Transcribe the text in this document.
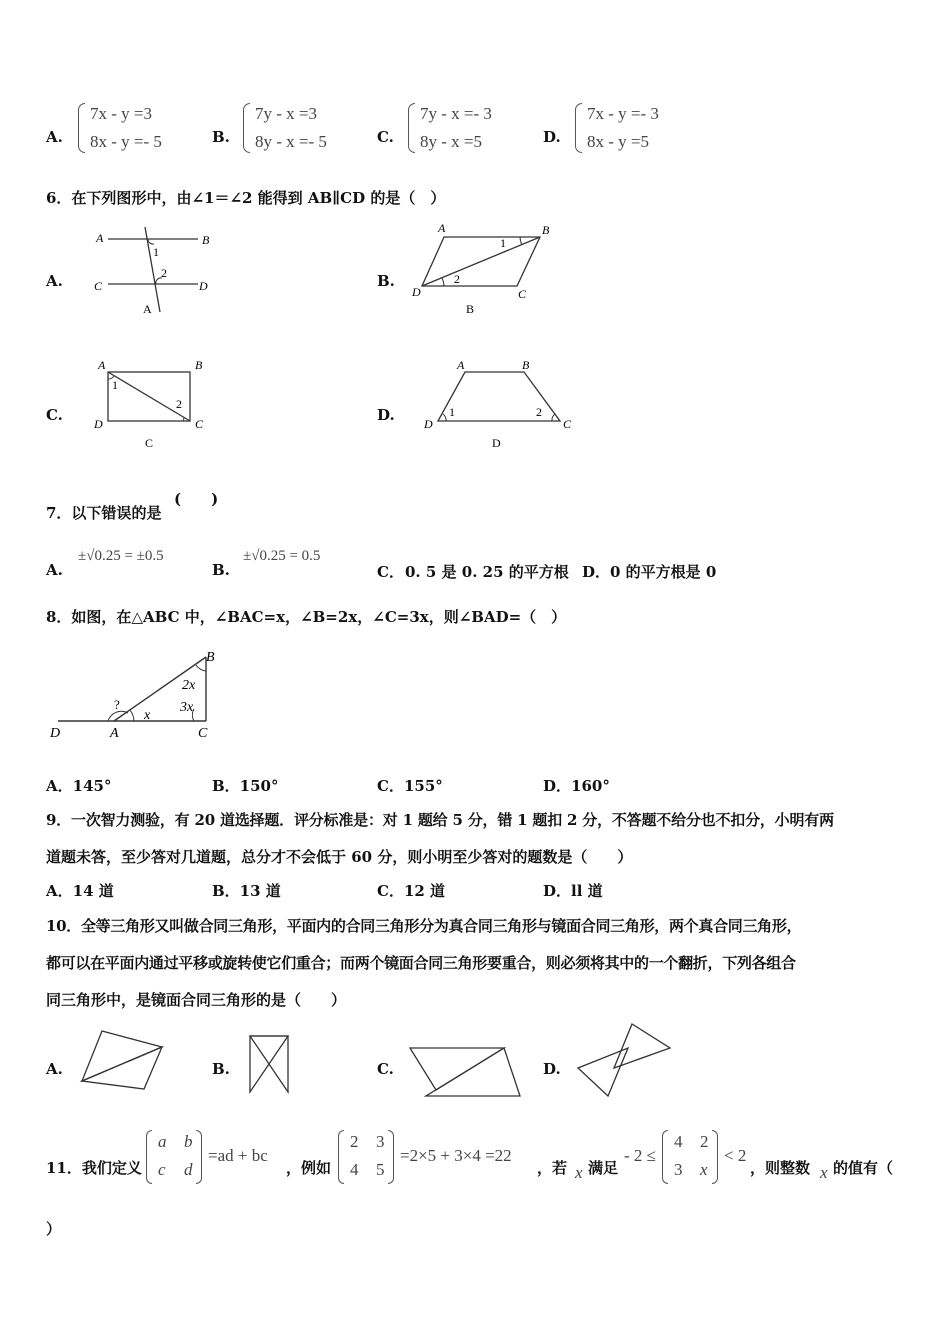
A.
7x - y =3
8x - y =- 5	B.
7y - x =3
8y - x =- 5	C.
7y - x =- 3
8y - x =5	D.
7x - y =- 3
8x - y =5
6．在下列图形中，由∠1＝∠2 能得到 AB∥CD 的是（　）
A.
A	B
C	D
1
2
A
B.
A	B
C
D
1
2
B
C.
A	B
D	C
1
2
C
D.
A	B
D	C
1	2
D
7．以下错误的是
(　　)
A.
±√0.25 = ±0.5
B.
±√0.25 = 0.5
C． 0. 5 是 0. 25 的平方根 D． 0 的平方根是 0
8．如图，在△ABC 中，∠BAC=x，∠B=2x，∠C=3x，则∠BAD=（　）
D	A	C
B
?
x
2x
3x
A．145°	B．150°	C．155°	D．160°
9．一次智力测验，有 20 道选择题．评分标准是：对 1 题给 5 分，错 1 题扣 2 分，不答题不给分也不扣分，小明有两
道题未答，至少答对几道题，总分才不会低于 60 分，则小明至少答对的题数是（　　）
A．14 道	B．13 道	C．12 道	D．ll 道
10．全等三角形又叫做合同三角形，平面内的合同三角形分为真合同三角形与镜面合同三角形，两个真合同三角形，
都可以在平面内通过平移或旋转使它们重合；而两个镜面合同三角形要重合，则必须将其中的一个翻折，下列各组合
同三角形中，是镜面合同三角形的是（　　）
A.	B.	C.	D.
11．我们定义
a b
c d
=ad + bc
，例如
2 3
4 5
=2×5 + 3×4 =22
，若 x 满足
- 2 ≤
4 2
3 x
< 2
，则整数 x 的值有（
）
